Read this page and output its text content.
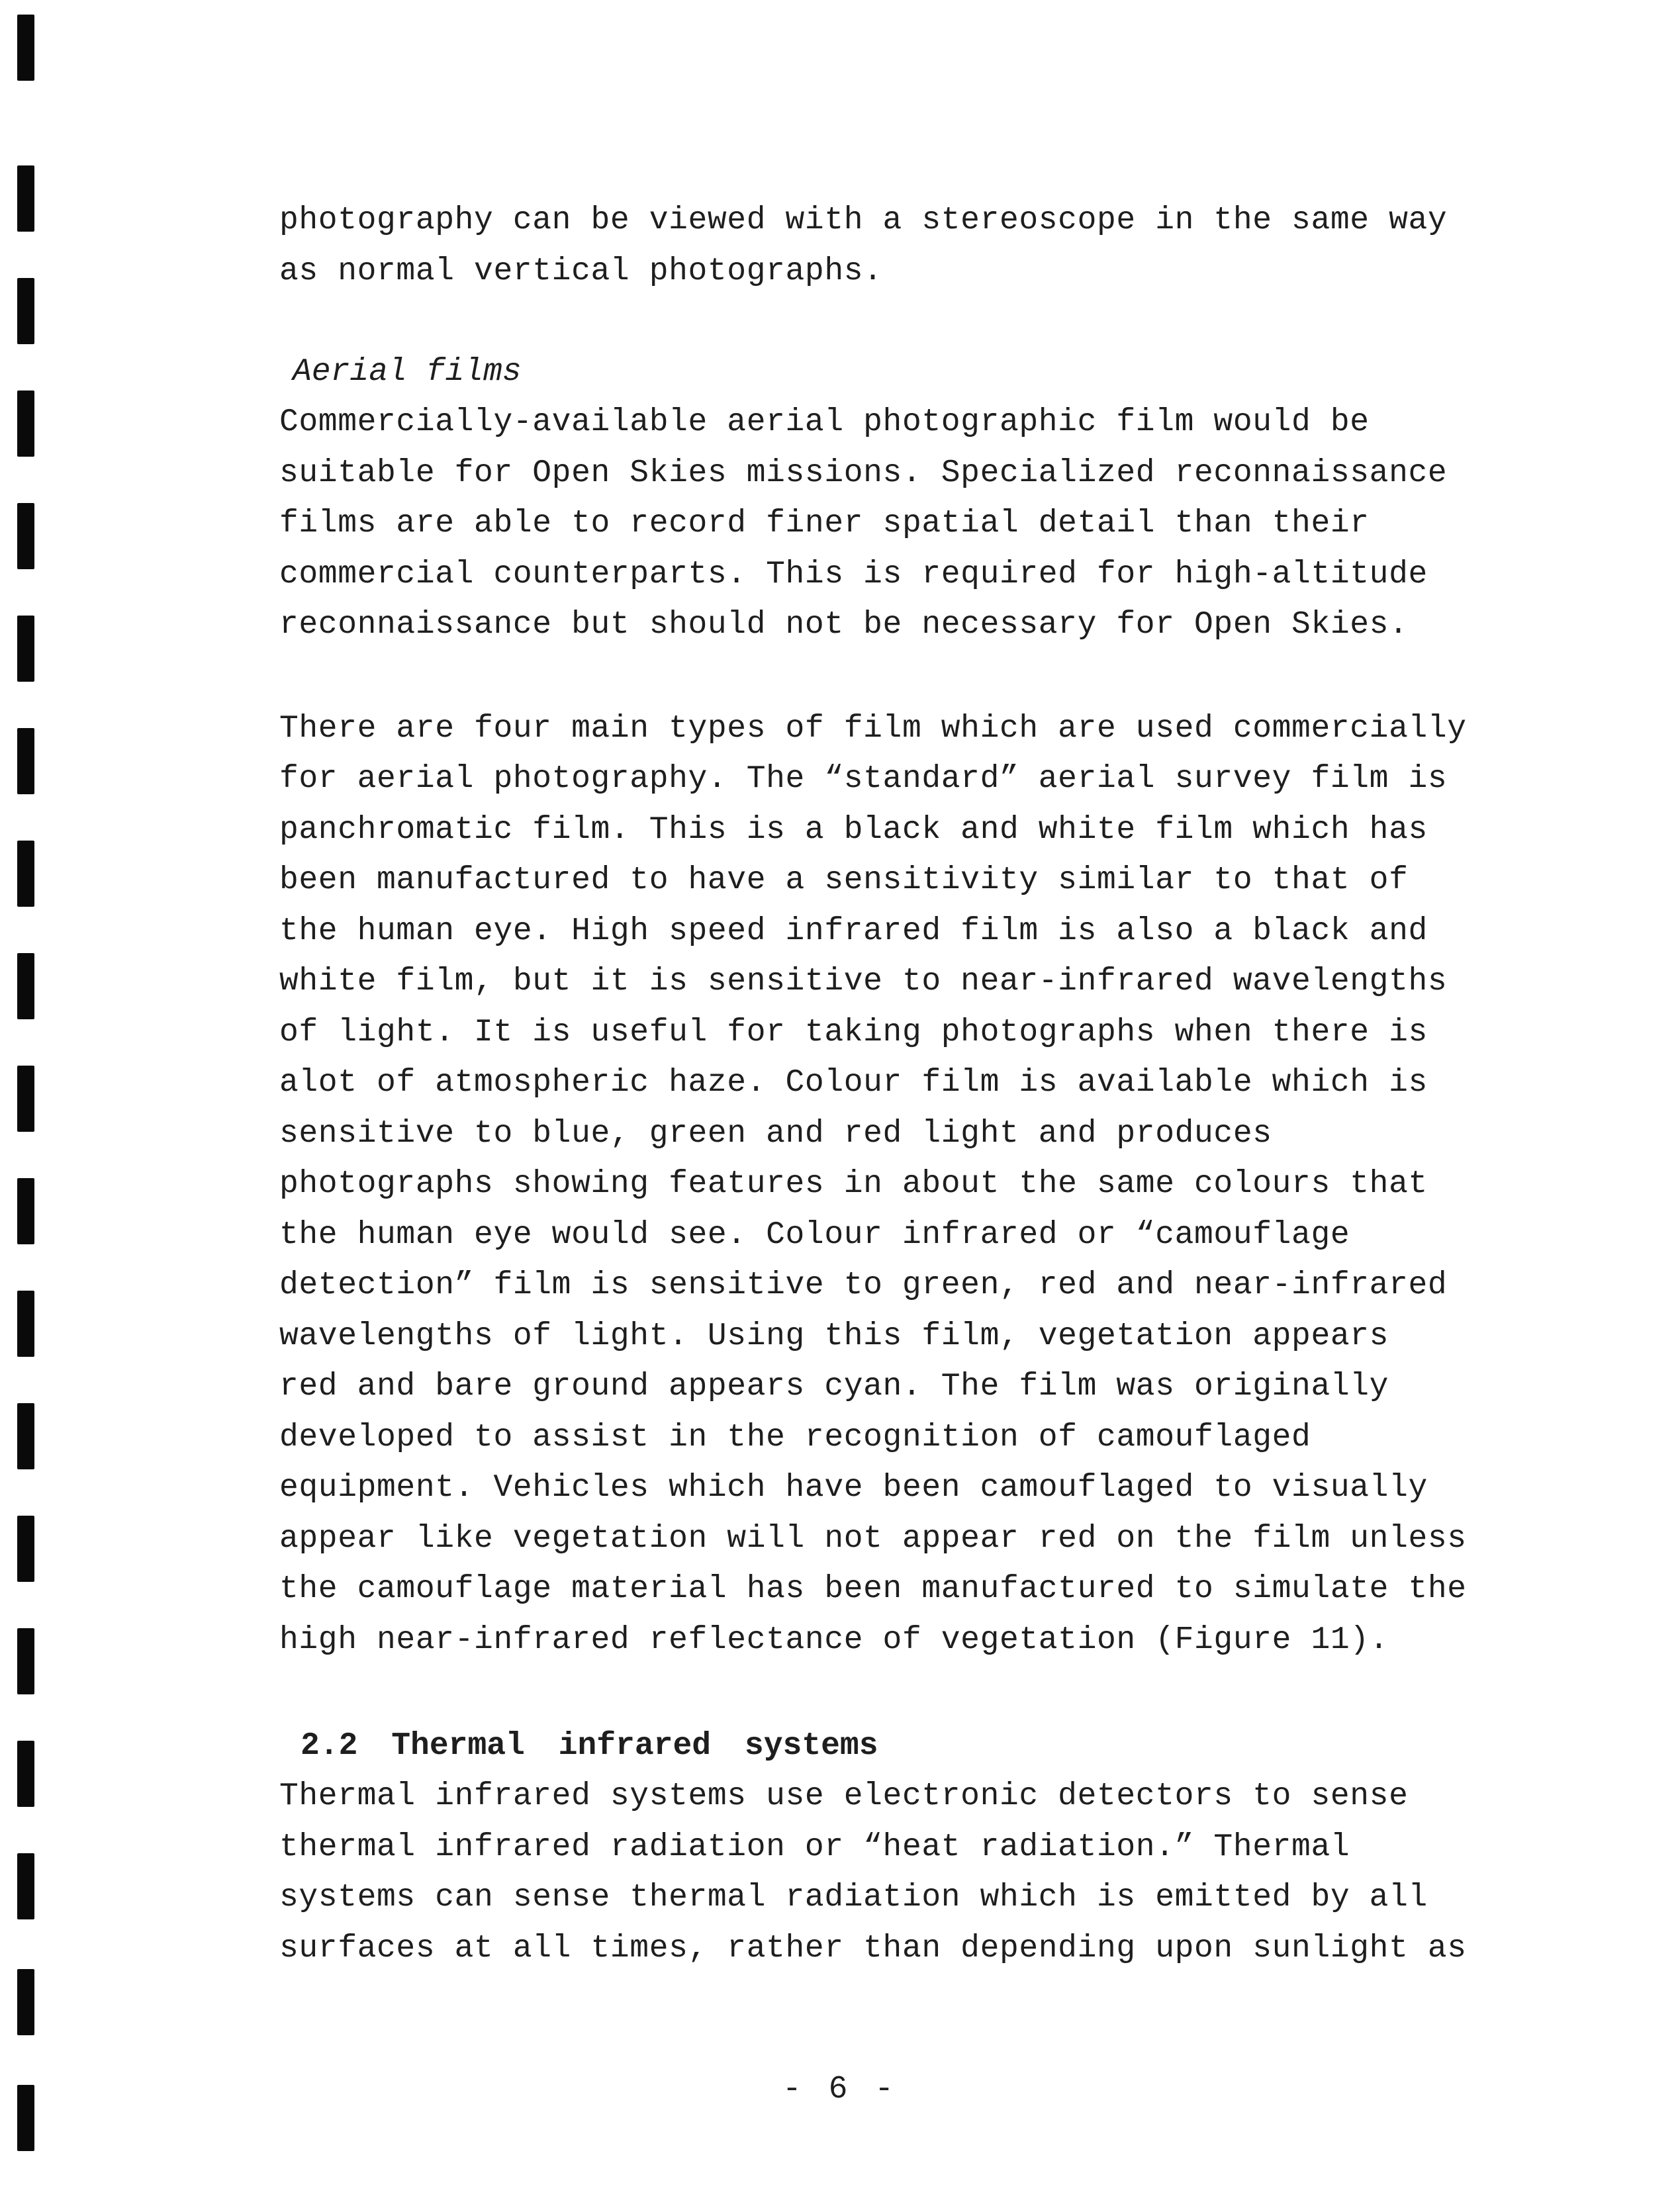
photography can be viewed with a stereoscope in the same way
as normal vertical photographs.

Aerial films

Commercially-available aerial photographic film would be
suitable for Open Skies missions. Specialized reconnaissance
films are able to record finer spatial detail than their
commercial counterparts. This is required for high-altitude
reconnaissance but should not be necessary for Open Skies.

There are four main types of film which are used commercially
for aerial photography. The “standard” aerial survey film is
panchromatic film. This is a black and white film which has
been manufactured to have a sensitivity similar to that of
the human eye. High speed infrared film is also a black and
white film, but it is sensitive to near-infrared wavelengths
of light. It is useful for taking photographs when there is
alot of atmospheric haze. Colour film is available which is
sensitive to blue, green and red light and produces
photographs showing features in about the same colours that
the human eye would see. Colour infrared or “camouflage
detection” film is sensitive to green, red and near-infrared
wavelengths of light. Using this film, vegetation appears
red and bare ground appears cyan. The film was originally
developed to assist in the recognition of camouflaged
equipment. Vehicles which have been camouflaged to visually
appear like vegetation will not appear red on the film unless
the camouflage material has been manufactured to simulate the
high near-infrared reflectance of vegetation (Figure 11).

2.2 Thermal infrared systems

Thermal infrared systems use electronic detectors to sense
thermal infrared radiation or “heat radiation.” Thermal
systems can sense thermal radiation which is emitted by all
surfaces at all times, rather than depending upon sunlight as

- 6 -
